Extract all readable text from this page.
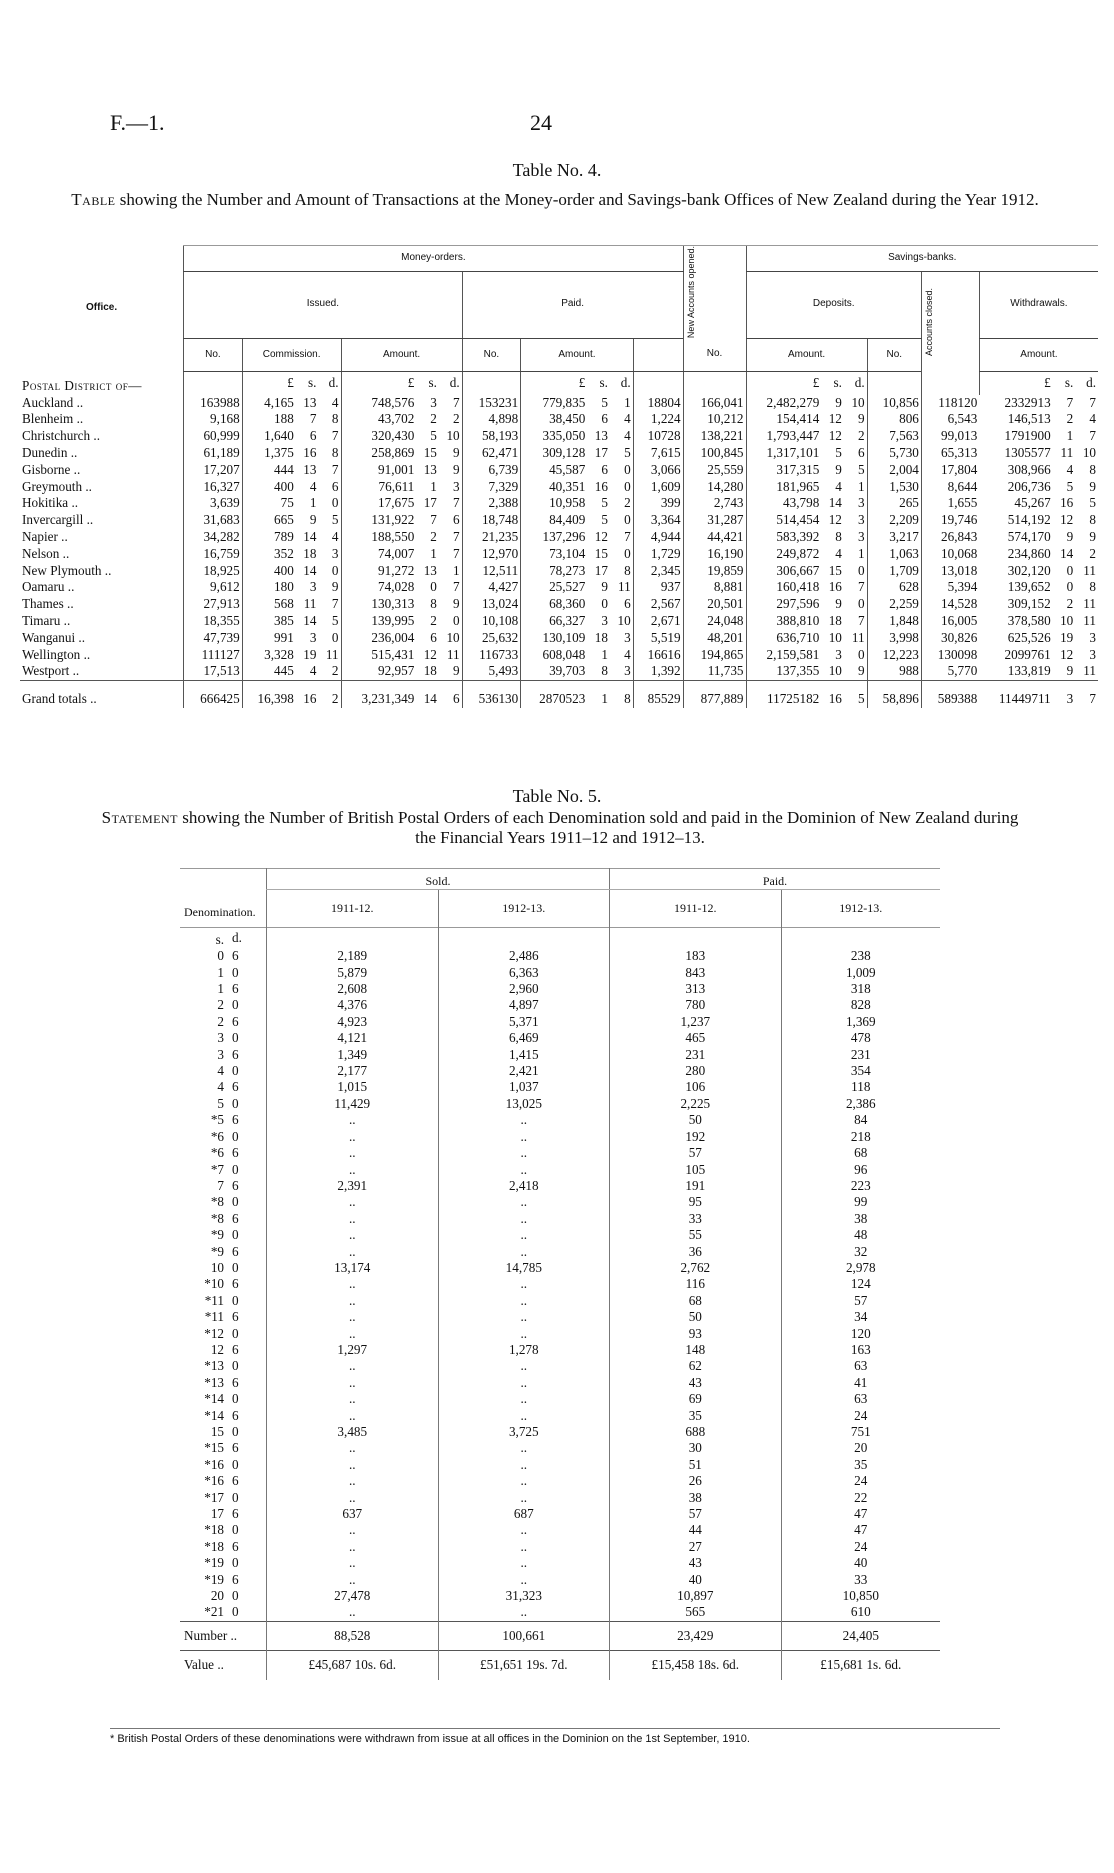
F.—1.	24
Table No. 4.
Table showing the Number and Amount of Transactions at the Money-order and Savings-bank Offices of New Zealand during the Year 1912.
Office.	Money-orders.												New Accounts opened.	Savings-banks.							
	Issued.							Paid.						Deposits.				Accounts closed.	Withdrawals.		
	No.	Commission.			Amount.			No.	Amount.				No.	Amount.			No.		Amount.		
Postal District of—		£	s.	d.	£	s.	d.		£	s.	d.			£	s.	d.			£	s.	d.
Auckland ..	163988	4,165	13	4	748,576	3	7	153231	779,835	5	1	18804	166,041	2,482,279	9	10	10,856	118120	2332913	7	7
Blenheim ..	9,168	188	7	8	43,702	2	2	4,898	38,450	6	4	1,224	10,212	154,414	12	9	806	6,543	146,513	2	4
Christchurch ..	60,999	1,640	6	7	320,430	5	10	58,193	335,050	13	4	10728	138,221	1,793,447	12	2	7,563	99,013	1791900	1	7
Dunedin ..	61,189	1,375	16	8	258,869	15	9	62,471	309,128	17	5	7,615	100,845	1,317,101	5	6	5,730	65,313	1305577	11	10
Gisborne ..	17,207	444	13	7	91,001	13	9	6,739	45,587	6	0	3,066	25,559	317,315	9	5	2,004	17,804	308,966	4	8
Greymouth ..	16,327	400	4	6	76,611	1	3	7,329	40,351	16	0	1,609	14,280	181,965	4	1	1,530	8,644	206,736	5	9
Hokitika ..	3,639	75	1	0	17,675	17	7	2,388	10,958	5	2	399	2,743	43,798	14	3	265	1,655	45,267	16	5
Invercargill ..	31,683	665	9	5	131,922	7	6	18,748	84,409	5	0	3,364	31,287	514,454	12	3	2,209	19,746	514,192	12	8
Napier ..	34,282	789	14	4	188,550	2	7	21,235	137,296	12	7	4,944	44,421	583,392	8	3	3,217	26,843	574,170	9	9
Nelson ..	16,759	352	18	3	74,007	1	7	12,970	73,104	15	0	1,729	16,190	249,872	4	1	1,063	10,068	234,860	14	2
New Plymouth ..	18,925	400	14	0	91,272	13	1	12,511	78,273	17	8	2,345	19,859	306,667	15	0	1,709	13,018	302,120	0	11
Oamaru ..	9,612	180	3	9	74,028	0	7	4,427	25,527	9	11	937	8,881	160,418	16	7	628	5,394	139,652	0	8
Thames ..	27,913	568	11	7	130,313	8	9	13,024	68,360	0	6	2,567	20,501	297,596	9	0	2,259	14,528	309,152	2	11
Timaru ..	18,355	385	14	5	139,995	2	0	10,108	66,327	3	10	2,671	24,048	388,810	18	7	1,848	16,005	378,580	10	11
Wanganui ..	47,739	991	3	0	236,004	6	10	25,632	130,109	18	3	5,519	48,201	636,710	10	11	3,998	30,826	625,526	19	3
Wellington ..	111127	3,328	19	11	515,431	12	11	116733	608,048	1	4	16616	194,865	2,159,581	3	0	12,223	130098	2099761	12	3
Westport ..	17,513	445	4	2	92,957	18	9	5,493	39,703	8	3	1,392	11,735	137,355	10	9	988	5,770	133,819	9	11
Grand totals ..	666425	16,398	16	2	3,231,349	14	6	536130	2870523	1	8	85529	877,889	11725182	16	5	58,896	589388	11449711	3	7
Table No. 5.
Statement showing the Number of British Postal Orders of each Denomination sold and paid in the Dominion of New Zealand during the Financial Years 1911–12 and 1912–13.
Denomination.		Sold.		Paid.	
		1911-12.	1912-13.	1911-12.	1912-13.
s.	d.				
0	6	2,189	2,486	183	238
1	0	5,879	6,363	843	1,009
1	6	2,608	2,960	313	318
2	0	4,376	4,897	780	828
2	6	4,923	5,371	1,237	1,369
3	0	4,121	6,469	465	478
3	6	1,349	1,415	231	231
4	0	2,177	2,421	280	354
4	6	1,015	1,037	106	118
5	0	11,429	13,025	2,225	2,386
*5	6	..	..	50	84
*6	0	..	..	192	218
*6	6	..	..	57	68
*7	0	..	..	105	96
7	6	2,391	2,418	191	223
*8	0	..	..	95	99
*8	6	..	..	33	38
*9	0	..	..	55	48
*9	6	..	..	36	32
10	0	13,174	14,785	2,762	2,978
*10	6	..	..	116	124
*11	0	..	..	68	57
*11	6	..	..	50	34
*12	0	..	..	93	120
12	6	1,297	1,278	148	163
*13	0	..	..	62	63
*13	6	..	..	43	41
*14	0	..	..	69	63
*14	6	..	..	35	24
15	0	3,485	3,725	688	751
*15	6	..	..	30	20
*16	0	..	..	51	35
*16	6	..	..	26	24
*17	0	..	..	38	22
17	6	637	687	57	47
*18	0	..	..	44	47
*18	6	..	..	27	24
*19	0	..	..	43	40
*19	6	..	..	40	33
20	0	27,478	31,323	10,897	10,850
*21	0	..	..	565	610
Number ..		88,528	100,661	23,429	24,405
Value ..		£45,687 10s. 6d.	£51,651 19s. 7d.	£15,458 18s. 6d.	£15,681 1s. 6d.
* British Postal Orders of these denominations were withdrawn from issue at all offices in the Dominion on the 1st September, 1910.
